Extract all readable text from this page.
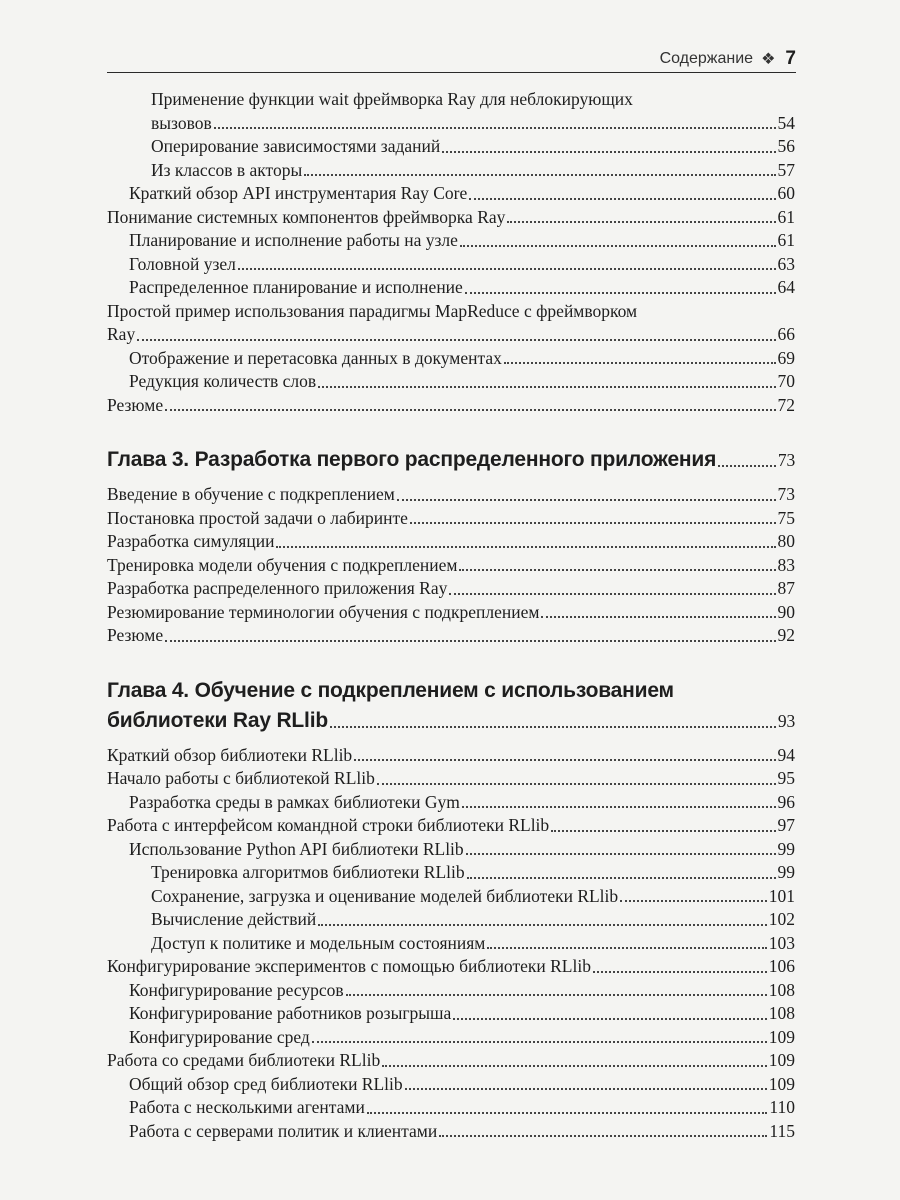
Содержание ❖ 7
Применение функции wait фреймворка Ray для неблокирующих
вызовов	54
Оперирование зависимостями заданий	56
Из классов в акторы	57
Краткий обзор API инструментария Ray Core	60
Понимание системных компонентов фреймворка Ray	61
Планирование и исполнение работы на узле	61
Головной узел	63
Распределенное планирование и исполнение	64
Простой пример использования парадигмы MapReduce с фреймворком
Ray	66
Отображение и перетасовка данных в документах	69
Редукция количеств слов	70
Резюме	72
Глава 3. Разработка первого распределенного приложения	73
Введение в обучение с подкреплением	73
Постановка простой задачи о лабиринте	75
Разработка симуляции	80
Тренировка модели обучения с подкреплением	83
Разработка распределенного приложения Ray	87
Резюмирование терминологии обучения с подкреплением	90
Резюме	92
Глава 4. Обучение с подкреплением с использованием
библиотеки Ray RLlib	93
Краткий обзор библиотеки RLlib	94
Начало работы с библиотекой RLlib	95
Разработка среды в рамках библиотеки Gym	96
Работа с интерфейсом командной строки библиотеки RLlib	97
Использование Python API библиотеки RLlib	99
Тренировка алгоритмов библиотеки RLlib	99
Сохранение, загрузка и оценивание моделей библиотеки RLlib	101
Вычисление действий	102
Доступ к политике и модельным состояниям	103
Конфигурирование экспериментов с помощью библиотеки RLlib	106
Конфигурирование ресурсов	108
Конфигурирование работников розыгрыша	108
Конфигурирование сред	109
Работа со средами библиотеки RLlib	109
Общий обзор сред библиотеки RLlib	109
Работа с несколькими агентами	110
Работа с серверами политик и клиентами	115
